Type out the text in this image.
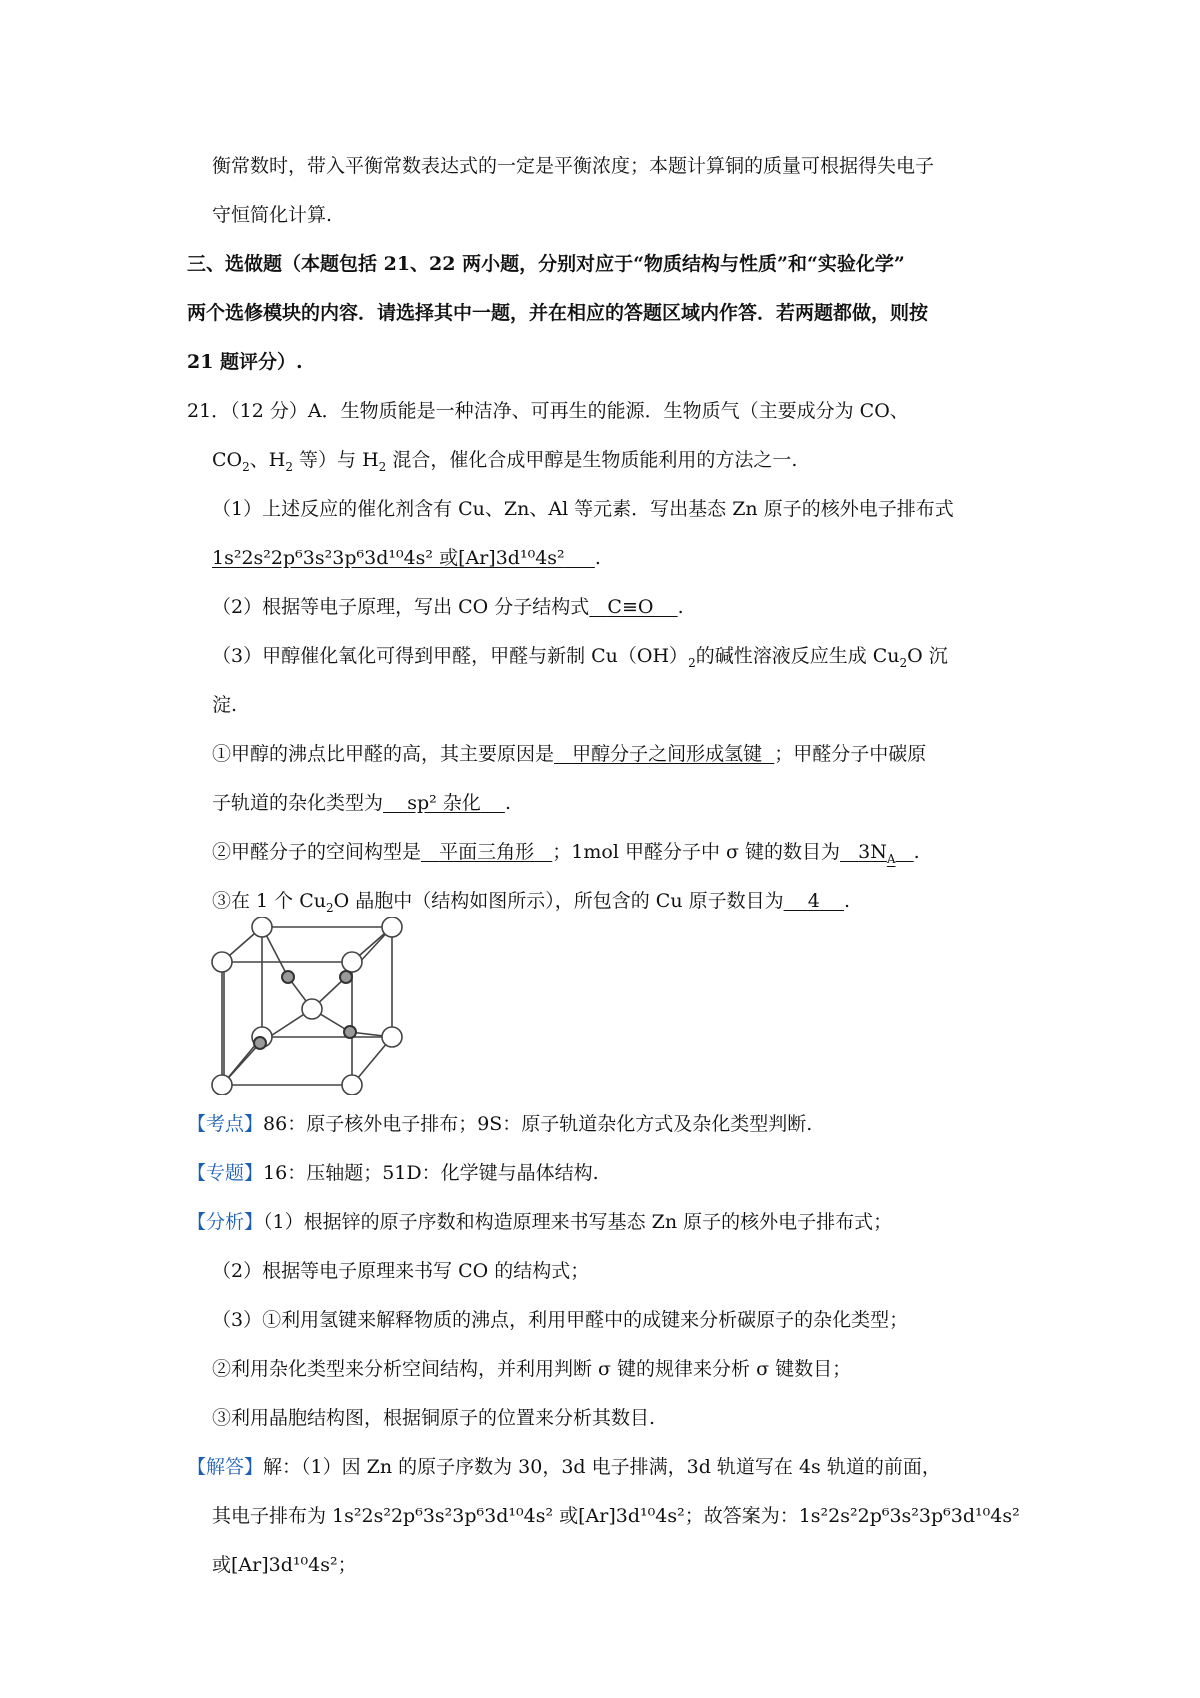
衡常数时，带入平衡常数表达式的一定是平衡浓度；本题计算铜的质量可根据得失电子
守恒简化计算.
三、选做题（本题包括 21、22 两小题，分别对应于“物质结构与性质”和“实验化学”
两个选修模块的内容．请选择其中一题，并在相应的答题区域内作答．若两题都做，则按
21 题评分）.
21．（12 分）A．生物质能是一种洁净、可再生的能源．生物质气（主要成分为 CO、
$CO_2$、$H_2$ 等）与 $H_2$ 混合，催化合成甲醇是生物质能利用的方法之一.
（1）上述反应的催化剂含有 Cu、Zn、Al 等元素．写出基态 Zn 原子的核外电子排布式
1s²2s²2p⁶3s²3p⁶3d¹⁰4s² 或[Ar]3d¹⁰4s² .
（2）根据等电子原理，写出 CO 分子结构式 C≡O .
（3）甲醇催化氧化可得到甲醛，甲醛与新制 $Cu(OH)_2$的碱性溶液反应生成 $Cu_2O$ 沉
淀.
①甲醇的沸点比甲醛的高，其主要原因是 甲醇分子之间形成氢键 ；甲醛分子中碳原
子轨道的杂化类型为 sp² 杂化 .
②甲醛分子的空间构型是 平面三角形 ；1mol 甲醛分子中 σ 键的数目为 $3N_A$ .
③在 1 个 $Cu_2O$ 晶胞中（结构如图所示），所包含的 Cu 原子数目为 4 .
【考点】86：原子核外电子排布；9S：原子轨道杂化方式及杂化类型判断.
【专题】16：压轴题；51D：化学键与晶体结构.
【分析】（1）根据锌的原子序数和构造原理来书写基态 Zn 原子的核外电子排布式；
（2）根据等电子原理来书写 CO 的结构式；
（3）①利用氢键来解释物质的沸点，利用甲醛中的成键来分析碳原子的杂化类型；
②利用杂化类型来分析空间结构，并利用判断 σ 键的规律来分析 σ 键数目；
③利用晶胞结构图，根据铜原子的位置来分析其数目.
【解答】解：（1）因 Zn 的原子序数为 30，3d 电子排满，3d 轨道写在 4s 轨道的前面，
其电子排布为 1s²2s²2p⁶3s²3p⁶3d¹⁰4s² 或[Ar]3d¹⁰4s²；故答案为：1s²2s²2p⁶3s²3p⁶3d¹⁰4s²
或[Ar]3d¹⁰4s²；
